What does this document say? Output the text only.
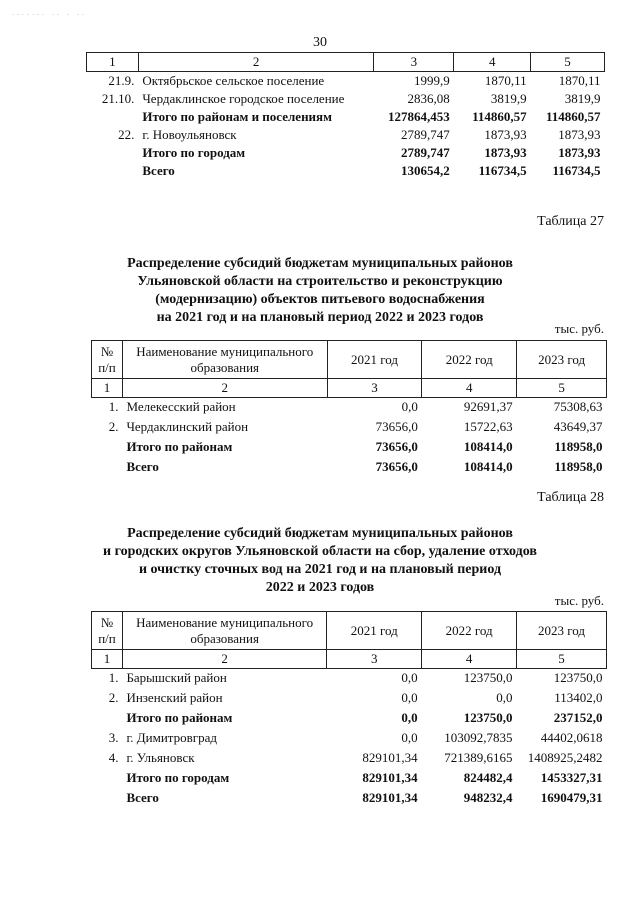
....... .. . ..
30
1	2	3	4	5
21.9.	Октябрьское сельское поселение	1999,9	1870,11	1870,11
21.10.	Чердаклинское городское поселение	2836,08	3819,9	3819,9
	Итого по районам и поселениям	127864,453	114860,57	114860,57
22.	г. Новоульяновск	2789,747	1873,93	1873,93
	Итого по городам	2789,747	1873,93	1873,93
	Всего	130654,2	116734,5	116734,5
Таблица 27
Распределение субсидий бюджетам муниципальных районов
Ульяновской области на строительство и реконструкцию
(модернизацию) объектов питьевого водоснабжения
на 2021 год и на плановый период 2022 и 2023 годов
тыс. руб.
№ п/п	Наименование муниципального образования	2021 год	2022 год	2023 год
1	2	3	4	5
1.	Мелекесский район	0,0	92691,37	75308,63
2.	Чердаклинский район	73656,0	15722,63	43649,37
	Итого по районам	73656,0	108414,0	118958,0
	Всего	73656,0	108414,0	118958,0
Таблица 28
Распределение субсидий бюджетам муниципальных районов
и городских округов Ульяновской области на сбор, удаление отходов
и очистку сточных вод на 2021 год и на плановый период
2022 и 2023 годов
тыс. руб.
№ п/п	Наименование муниципального образования	2021 год	2022 год	2023 год
1	2	3	4	5
1.	Барышский район	0,0	123750,0	123750,0
2.	Инзенский район	0,0	0,0	113402,0
	Итого по районам	0,0	123750,0	237152,0
3.	г. Димитровград	0,0	103092,7835	44402,0618
4.	г. Ульяновск	829101,34	721389,6165	1408925,2482
	Итого по городам	829101,34	824482,4	1453327,31
	Всего	829101,34	948232,4	1690479,31
